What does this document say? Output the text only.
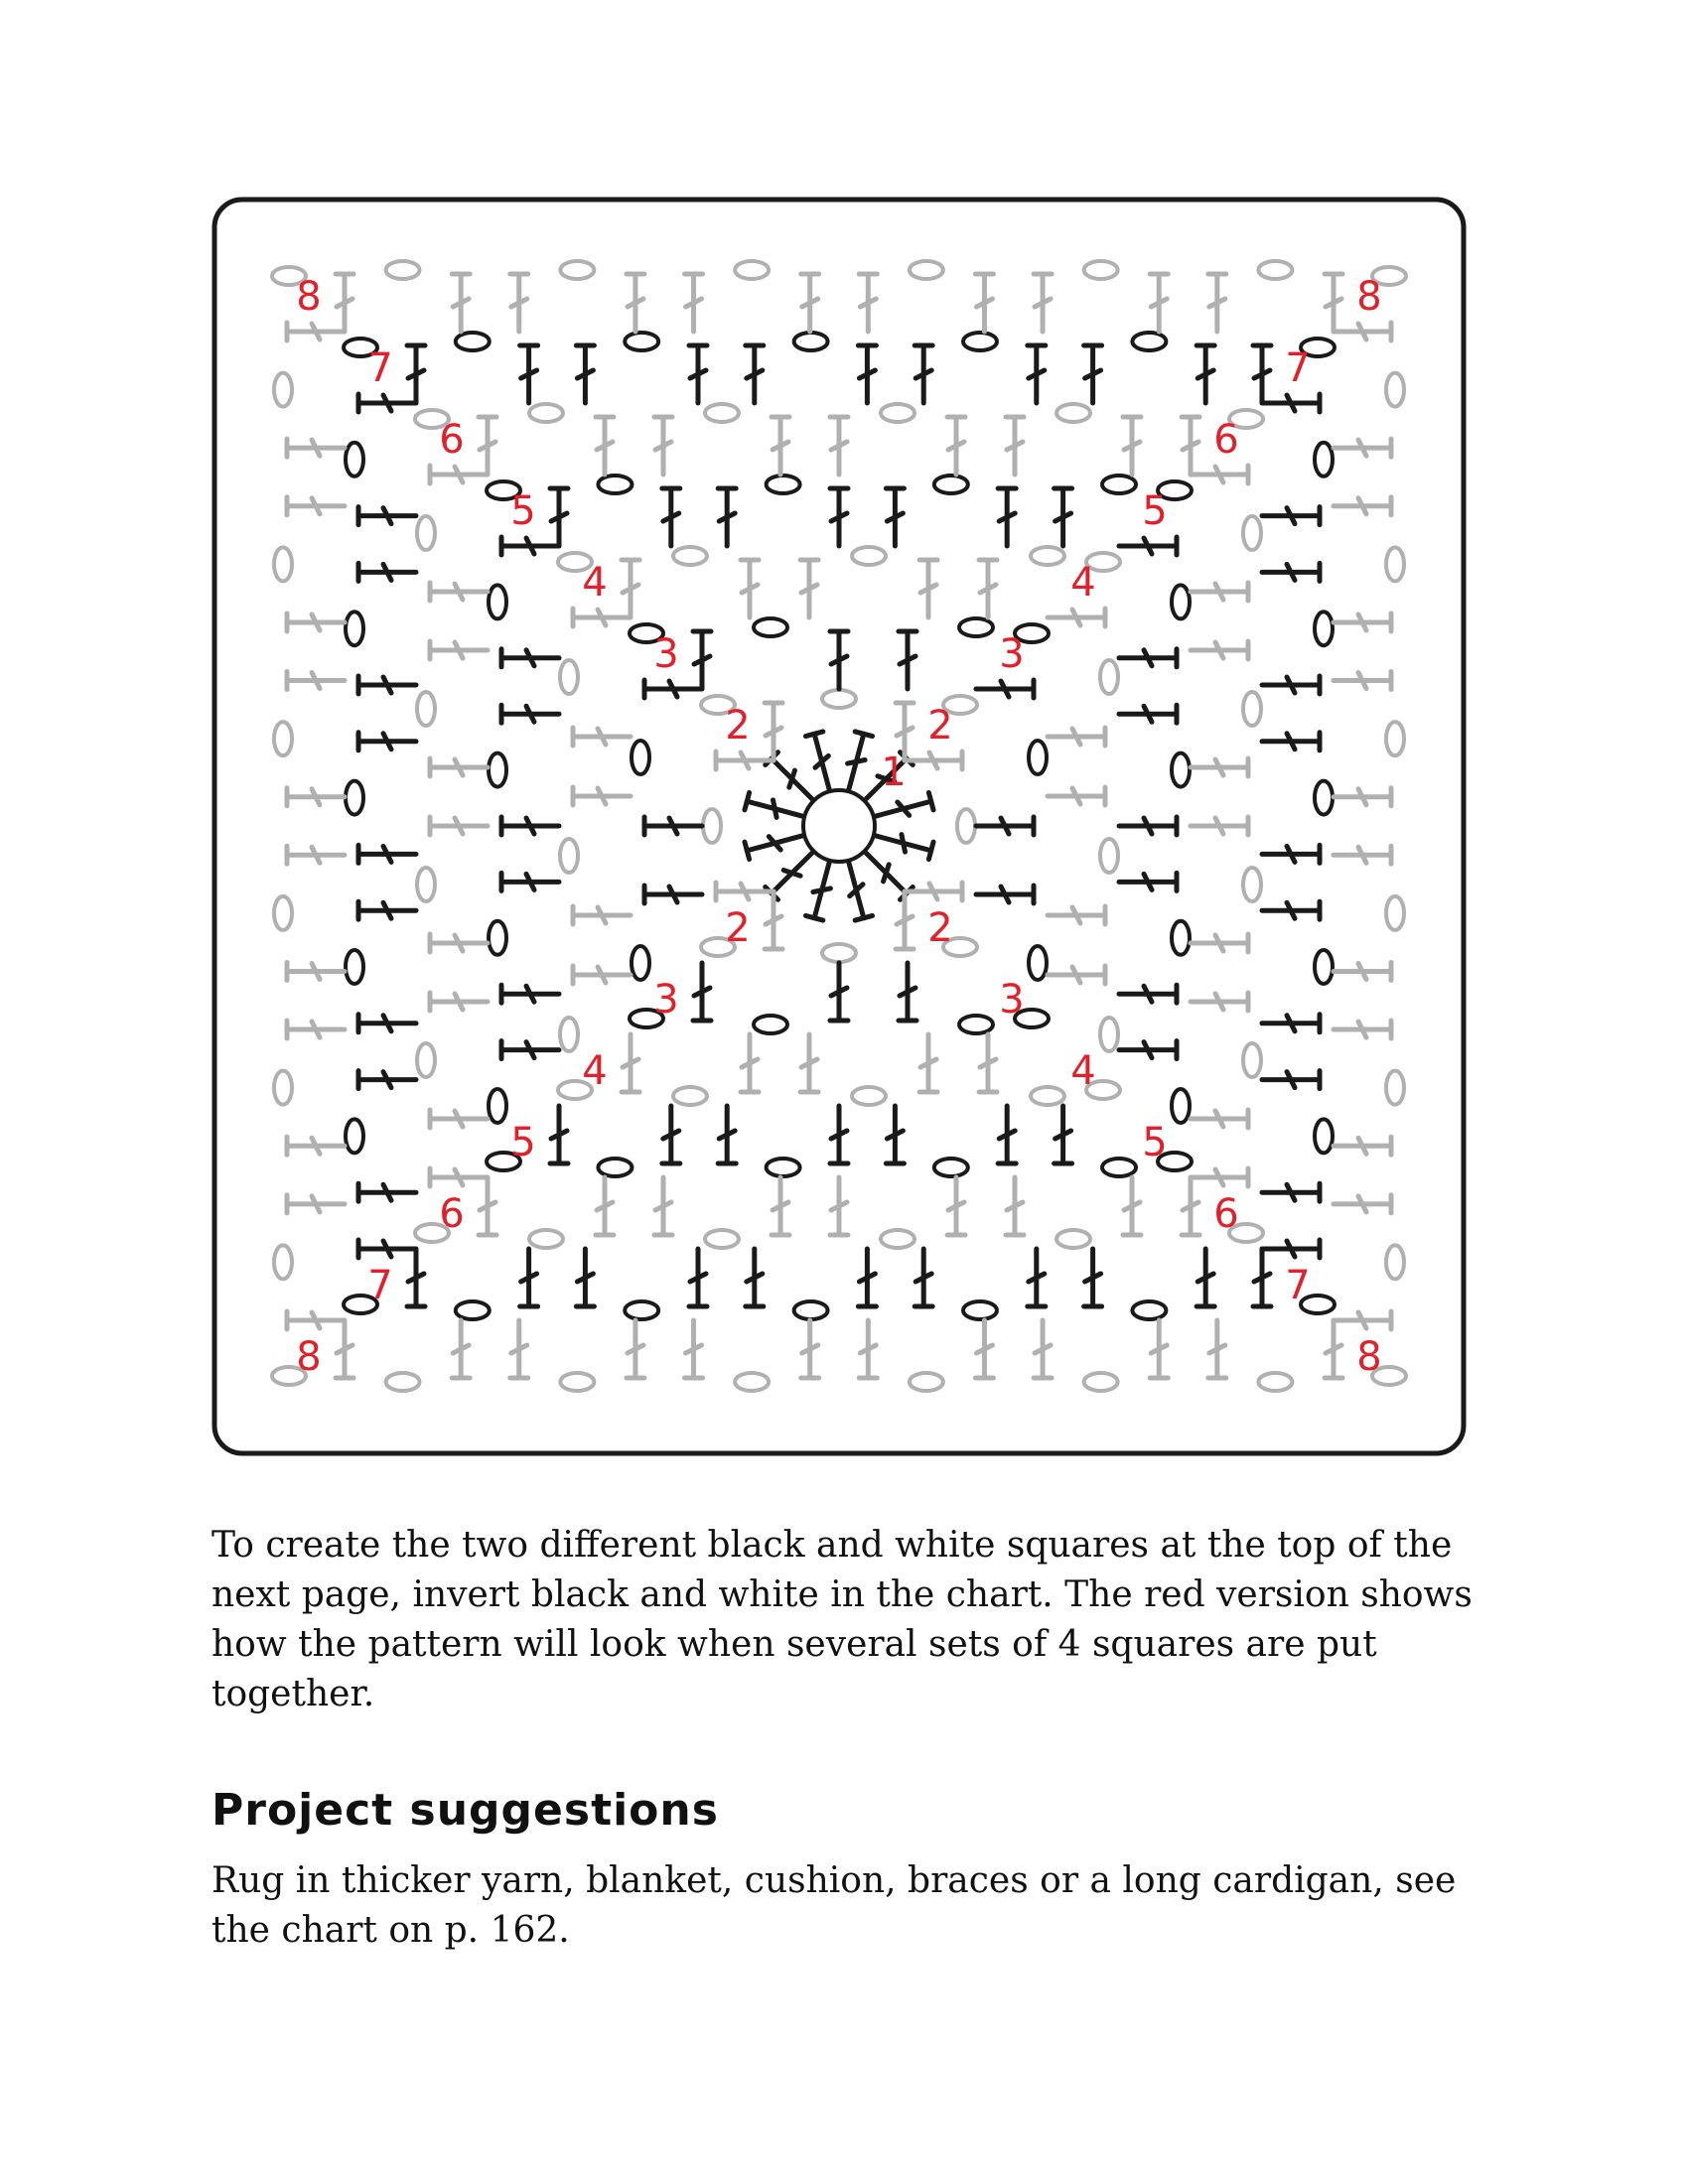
1
2	2
2	2
3	3
3	3
4	4
4	4
5	5
5	5
6	6
6	6
7	7
7	7
8	8
8	8

To create the two different black and white squares at the top of the next page, invert black and white in the chart. The red version shows how the pattern will look when several sets of 4 squares are put together.

Project suggestions

Rug in thicker yarn, blanket, cushion, braces or a long cardigan, see the chart on p. 162.
